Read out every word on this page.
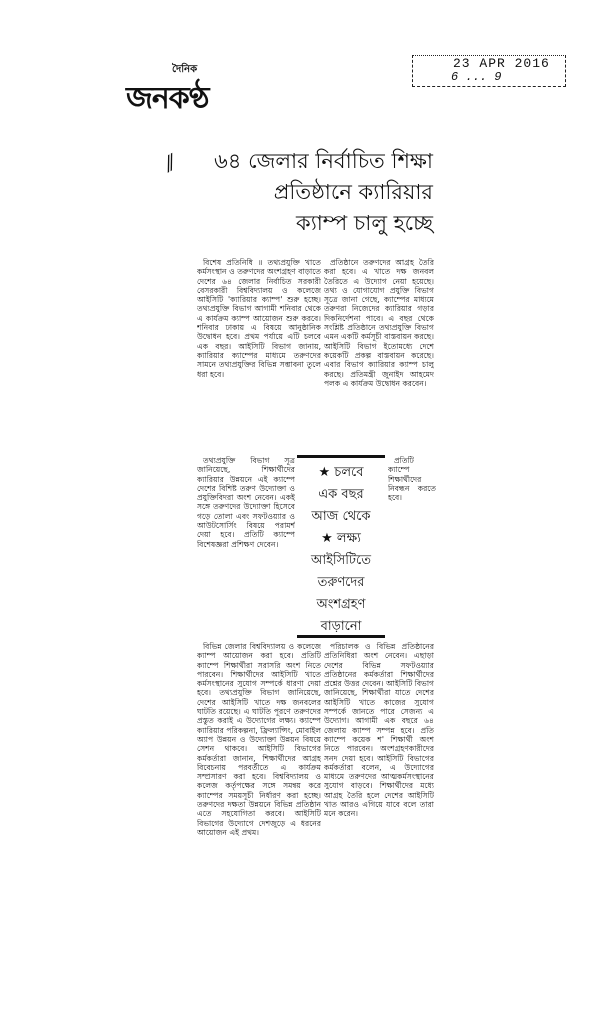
দৈনিক
জনকণ্ঠ
23 APR 2016
6 ... 9
⁄⁄	৬৪ জেলার নির্বাচিত শিক্ষা
প্রতিষ্ঠানে ক্যারিয়ার
ক্যাম্প চালু হচ্ছে

বিশেষ প্রতিনিধি ॥ তথ্যপ্রযুক্তি খাতে কর্মসংস্থান ও তরুণদের অংশগ্রহণ বাড়াতে দেশের ৬৪ জেলার নির্বাচিত সরকারী বেসরকারী বিশ্ববিদ্যালয় ও কলেজে আইসিটি 'ক্যারিয়ার ক্যাম্প' শুরু হচ্ছে। তথ্যপ্রযুক্তি বিভাগ আগামী শনিবার থেকে এ কার্যক্রম ক্যাম্প আয়োজন শুরু করবে। শনিবার ঢাকায় এ বিষয়ে আনুষ্ঠানিক উদ্বোধন হবে। প্রথম পর্যায়ে এটি চলবে এক বছর। আইসিটি বিভাগ জানায়, ক্যারিয়ার ক্যাম্পের মাধ্যমে তরুণদের সামনে তথ্যপ্রযুক্তির বিভিন্ন সম্ভাবনা তুলে ধরা হবে।

তথ্যপ্রযুক্তি বিভাগ সূত্র জানিয়েছে, শিক্ষার্থীদের ক্যারিয়ার উন্নয়নে এই ক্যাম্পে দেশের বিশিষ্ট তরুণ উদ্যোক্তা ও প্রযুক্তিবিদরা অংশ নেবেন। একই সঙ্গে তরুণদের উদ্যোক্তা হিসেবে গড়ে তোলা এবং সফটওয়্যার ও আউটসোর্সিং বিষয়ে পরামর্শ দেয়া হবে। প্রতিটি ক্যাম্পে বিশেষজ্ঞরা প্রশিক্ষণ দেবেন।

বিভিন্ন জেলার বিশ্ববিদ্যালয় ও কলেজে ক্যাম্প আয়োজন করা হবে। প্রতিটি ক্যাম্পে শিক্ষার্থীরা সরাসরি অংশ নিতে পারবেন। শিক্ষার্থীদের আইসিটি খাতে কর্মসংস্থানের সুযোগ সম্পর্কে ধারণা দেয়া হবে। তথ্যপ্রযুক্তি বিভাগ জানিয়েছে, দেশের আইসিটি খাতে দক্ষ জনবলের ঘাটতি রয়েছে। এ ঘাটতি পূরণে তরুণদের প্রস্তুত করাই এ উদ্যোগের লক্ষ্য। ক্যাম্পে ক্যারিয়ার পরিকল্পনা, ফ্রিল্যান্সিং, মোবাইল অ্যাপ উন্নয়ন ও উদ্যোক্তা উন্নয়ন বিষয়ে সেশন থাকবে। আইসিটি বিভাগের কর্মকর্তারা জানান, শিক্ষার্থীদের আগ্রহ বিবেচনায় পরবর্তীতে এ কার্যক্রম সম্প্রসারণ করা হবে। বিশ্ববিদ্যালয় ও কলেজ কর্তৃপক্ষের সঙ্গে সমন্বয় করে ক্যাম্পের সময়সূচী নির্ধারণ করা হচ্ছে। তরুণদের দক্ষতা উন্নয়নে বিভিন্ন প্রতিষ্ঠান এতে সহযোগিতা করবে। আইসিটি বিভাগের উদ্যোগে দেশজুড়ে এ ধরনের আয়োজন এই প্রথম।

প্রতিষ্ঠানে তরুণদের আগ্রহ তৈরি করা হবে। এ খাতে দক্ষ জনবল তৈরিতে এ উদ্যোগ নেয়া হয়েছে। তথ্য ও যোগাযোগ প্রযুক্তি বিভাগ সূত্রে জানা গেছে, ক্যাম্পের মাধ্যমে তরুণরা নিজেদের ক্যারিয়ার গড়ার দিকনির্দেশনা পাবে। এ বছর থেকে সংশ্লিষ্ট প্রতিষ্ঠানে তথ্যপ্রযুক্তি বিভাগ এমন একটি কর্মসূচী বাস্তবায়ন করছে। আইসিটি বিভাগ ইতোমধ্যে দেশে কয়েকটি প্রকল্প বাস্তবায়ন করেছে। এবার বিভাগ ক্যারিয়ার ক্যাম্প চালু করছে। প্রতিমন্ত্রী জুনাইদ আহমেদ পলক এ কার্যক্রম উদ্বোধন করবেন।

প্রতিটি ক্যাম্পে শিক্ষার্থীদের নিবন্ধন করতে হবে।

পরিচালক ও বিভিন্ন প্রতিষ্ঠানের প্রতিনিধিরা অংশ নেবেন। এছাড়া দেশের বিভিন্ন সফটওয়্যার প্রতিষ্ঠানের কর্মকর্তারা শিক্ষার্থীদের প্রশ্নের উত্তর দেবেন। আইসিটি বিভাগ জানিয়েছে, শিক্ষার্থীরা যাতে দেশের আইসিটি খাতে কাজের সুযোগ সম্পর্কে জানতে পারে সেজন্য এ উদ্যোগ। আগামী এক বছরে ৬৪ জেলায় ক্যাম্প সম্পন্ন হবে। প্রতি ক্যাম্পে কয়েক শ' শিক্ষার্থী অংশ নিতে পারবেন। অংশগ্রহণকারীদের সনদ দেয়া হবে। আইসিটি বিভাগের কর্মকর্তারা বলেন, এ উদ্যোগের মাধ্যমে তরুণদের আত্মকর্মসংস্থানের সুযোগ বাড়বে। শিক্ষার্থীদের মধ্যে আগ্রহ তৈরি হলে দেশের আইসিটি খাত আরও এগিয়ে যাবে বলে তারা মনে করেন।

★ চলবে
এক বছর
আজ থেকে
★ লক্ষ্য
আইসিটিতে
তরুণদের
অংশগ্রহণ
বাড়ানো
